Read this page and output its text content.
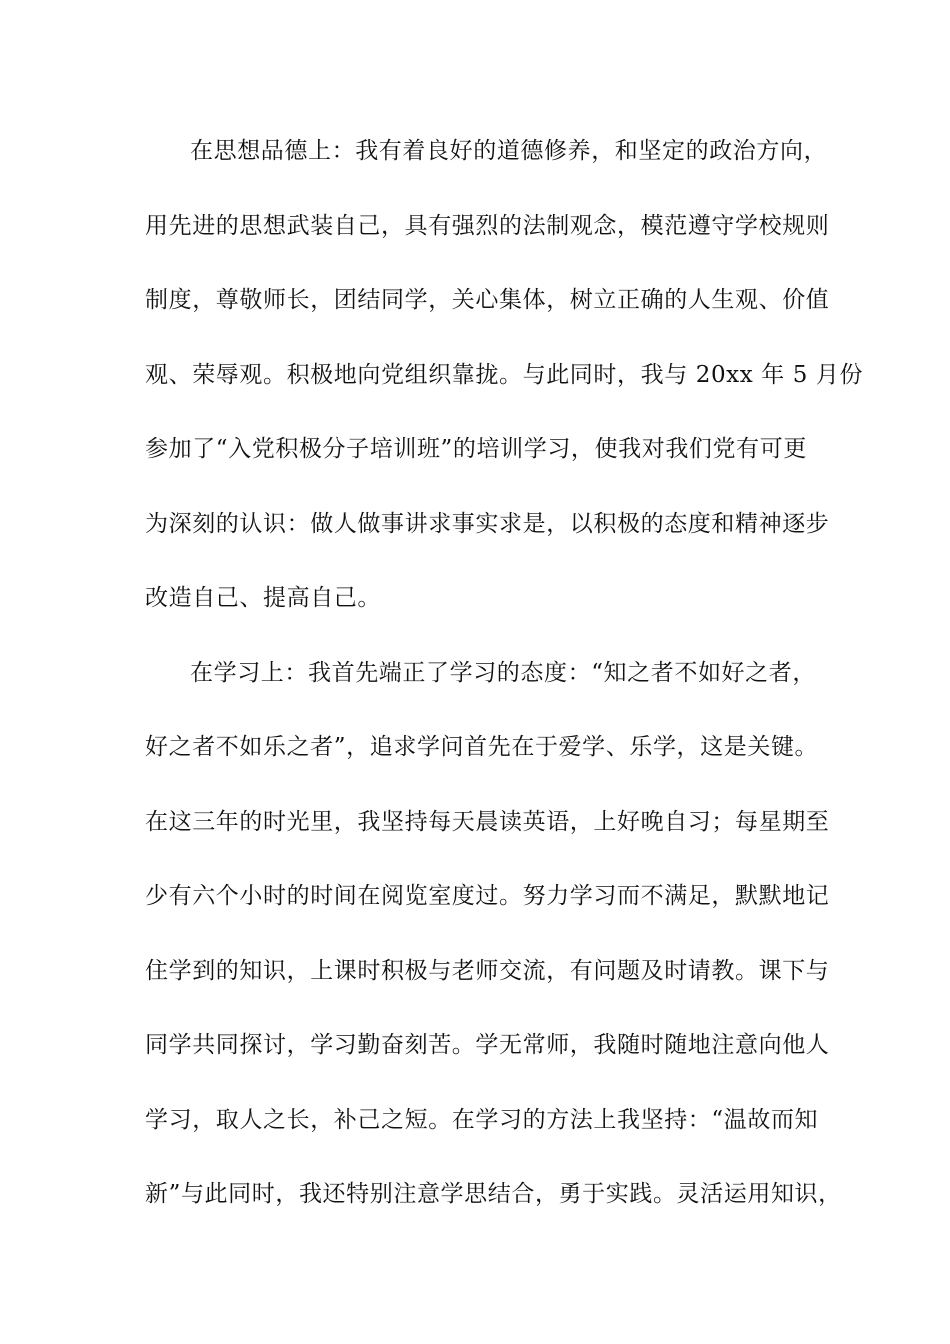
在思想品德上：我有着良好的道德修养，和坚定的政治方向，
用先进的思想武装自己，具有强烈的法制观念，模范遵守学校规则
制度，尊敬师长，团结同学，关心集体，树立正确的人生观、价值
观、荣辱观。积极地向党组织靠拢。与此同时，我与 20xx 年 5 月份
参加了“入党积极分子培训班”的培训学习，使我对我们党有可更
为深刻的认识：做人做事讲求事实求是，以积极的态度和精神逐步
改造自己、提高自己。
在学习上：我首先端正了学习的态度：“知之者不如好之者，
好之者不如乐之者”，追求学问首先在于爱学、乐学，这是关键。
在这三年的时光里，我坚持每天晨读英语，上好晚自习；每星期至
少有六个小时的时间在阅览室度过。努力学习而不满足，默默地记
住学到的知识，上课时积极与老师交流，有问题及时请教。课下与
同学共同探讨，学习勤奋刻苦。学无常师，我随时随地注意向他人
学习，取人之长，补己之短。在学习的方法上我坚持：“温故而知
新”与此同时，我还特别注意学思结合，勇于实践。灵活运用知识，
